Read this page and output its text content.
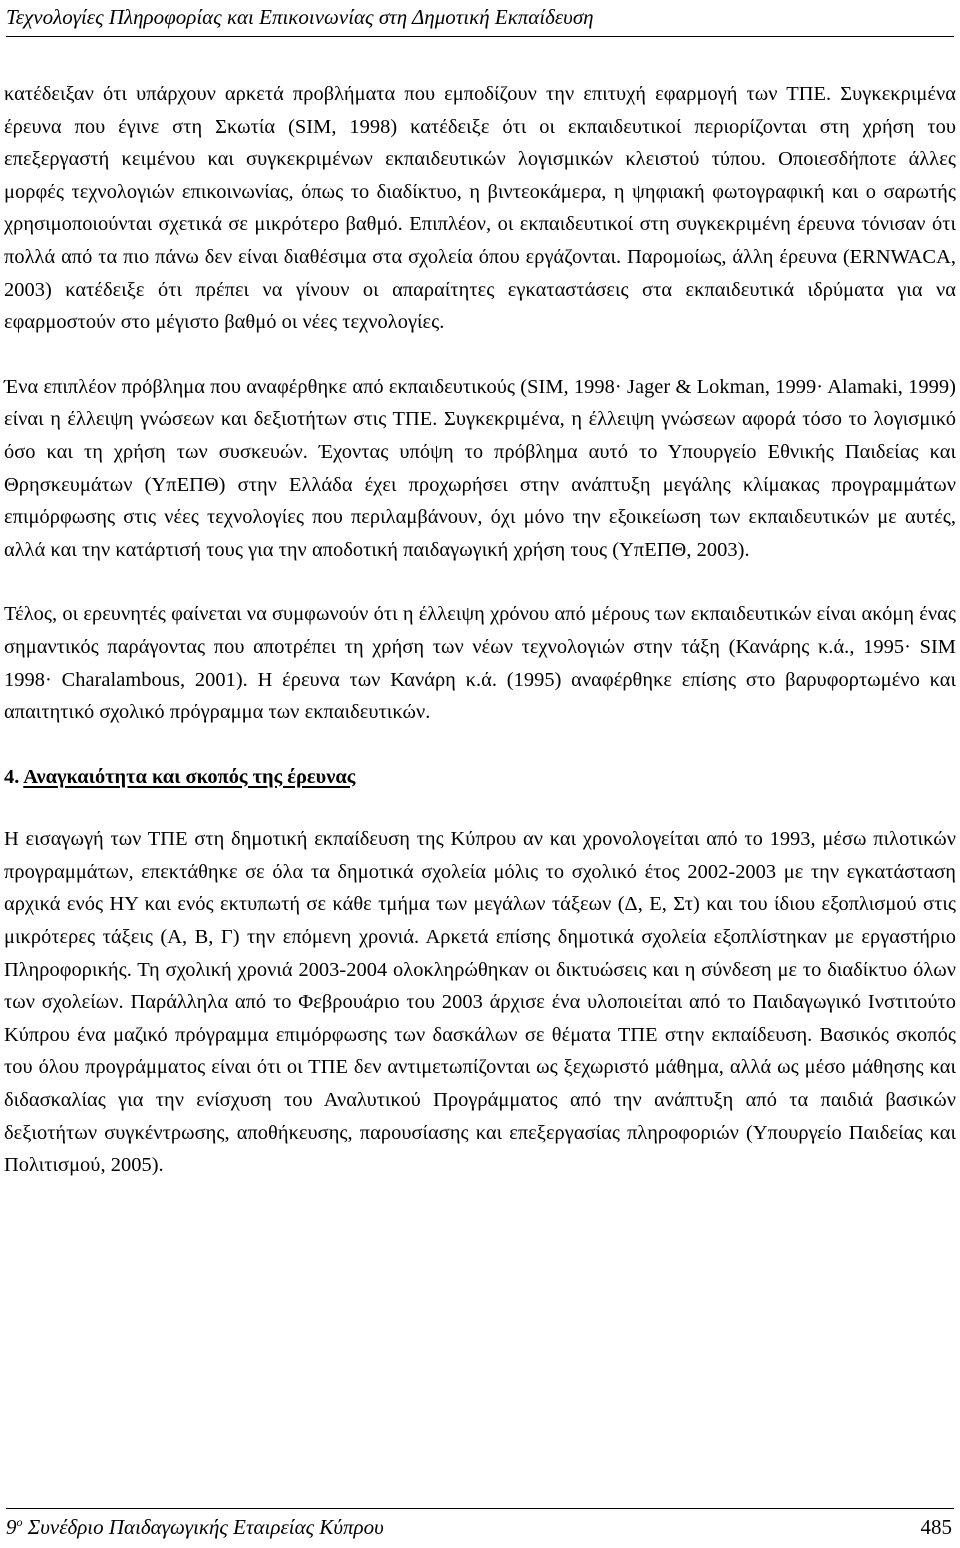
Τεχνολογίες Πληροφορίας και Επικοινωνίας στη Δημοτική Εκπαίδευση

κατέδειξαν ότι υπάρχουν αρκετά προβλήματα που εμποδίζουν την επιτυχή εφαρμογή των ΤΠΕ. Συγκεκριμένα έρευνα που έγινε στη Σκωτία (SIM, 1998) κατέδειξε ότι οι εκπαιδευτικοί περιορίζονται στη χρήση του επεξεργαστή κειμένου και συγκεκριμένων εκπαιδευτικών λογισμικών κλειστού τύπου. Οποιεσδήποτε άλλες μορφές τεχνολογιών επικοινωνίας, όπως το διαδίκτυο, η βιντεοκάμερα, η ψηφιακή φωτογραφική και ο σαρωτής χρησιμοποιούνται σχετικά σε μικρότερο βαθμό. Επιπλέον, οι εκπαιδευτικοί στη συγκεκριμένη έρευνα τόνισαν ότι πολλά από τα πιο πάνω δεν είναι διαθέσιμα στα σχολεία όπου εργάζονται. Παρομοίως, άλλη έρευνα (ERNWACA, 2003) κατέδειξε ότι πρέπει να γίνουν οι απαραίτητες εγκαταστάσεις στα εκπαιδευτικά ιδρύματα για να εφαρμοστούν στο μέγιστο βαθμό οι νέες τεχνολογίες.

Ένα επιπλέον πρόβλημα που αναφέρθηκε από εκπαιδευτικούς (SIM, 1998· Jager & Lokman, 1999· Alamaki, 1999) είναι η έλλειψη γνώσεων και δεξιοτήτων στις ΤΠΕ. Συγκεκριμένα, η έλλειψη γνώσεων αφορά τόσο το λογισμικό όσο και τη χρήση των συσκευών. Έχοντας υπόψη το πρόβλημα αυτό το Υπουργείο Εθνικής Παιδείας και Θρησκευμάτων (ΥπΕΠΘ) στην Ελλάδα έχει προχωρήσει στην ανάπτυξη μεγάλης κλίμακας προγραμμάτων επιμόρφωσης στις νέες τεχνολογίες που περιλαμβάνουν, όχι μόνο την εξοικείωση των εκπαιδευτικών με αυτές, αλλά και την κατάρτισή τους για την αποδοτική παιδαγωγική χρήση τους (ΥπΕΠΘ, 2003).

Τέλος, οι ερευνητές φαίνεται να συμφωνούν ότι η έλλειψη χρόνου από μέρους των εκπαιδευτικών είναι ακόμη ένας σημαντικός παράγοντας που αποτρέπει τη χρήση των νέων τεχνολογιών στην τάξη (Κανάρης κ.ά., 1995· SIM 1998· Charalambous, 2001). Η έρευνα των Κανάρη κ.ά. (1995) αναφέρθηκε επίσης στο βαρυφορτωμένο και απαιτητικό σχολικό πρόγραμμα των εκπαιδευτικών.

4. Αναγκαιότητα και σκοπός της έρευνας

Η εισαγωγή των ΤΠΕ στη δημοτική εκπαίδευση της Κύπρου αν και χρονολογείται από το 1993, μέσω πιλοτικών προγραμμάτων, επεκτάθηκε σε όλα τα δημοτικά σχολεία μόλις το σχολικό έτος 2002-2003 με την εγκατάσταση αρχικά ενός ΗΥ και ενός εκτυπωτή σε κάθε τμήμα των μεγάλων τάξεων (Δ, Ε, Στ) και του ίδιου εξοπλισμού στις μικρότερες τάξεις (Α, Β, Γ) την επόμενη χρονιά. Αρκετά επίσης δημοτικά σχολεία εξοπλίστηκαν με εργαστήριο Πληροφορικής. Τη σχολική χρονιά 2003-2004 ολοκληρώθηκαν οι δικτυώσεις και η σύνδεση με το διαδίκτυο όλων των σχολείων. Παράλληλα από το Φεβρουάριο του 2003 άρχισε ένα υλοποιείται από το Παιδαγωγικό Ινστιτούτο Κύπρου ένα μαζικό πρόγραμμα επιμόρφωσης των δασκάλων σε θέματα ΤΠΕ στην εκπαίδευση. Βασικός σκοπός του όλου προγράμματος είναι ότι οι ΤΠΕ δεν αντιμετωπίζονται ως ξεχωριστό μάθημα, αλλά ως μέσο μάθησης και διδασκαλίας για την ενίσχυση του Αναλυτικού Προγράμματος από την ανάπτυξη από τα παιδιά βασικών δεξιοτήτων συγκέντρωσης, αποθήκευσης, παρουσίασης και επεξεργασίας πληροφοριών (Υπουργείο Παιδείας και Πολιτισμού, 2005).

$9^o$ Συνέδριο Παιδαγωγικής Εταιρείας Κύπρου	485
